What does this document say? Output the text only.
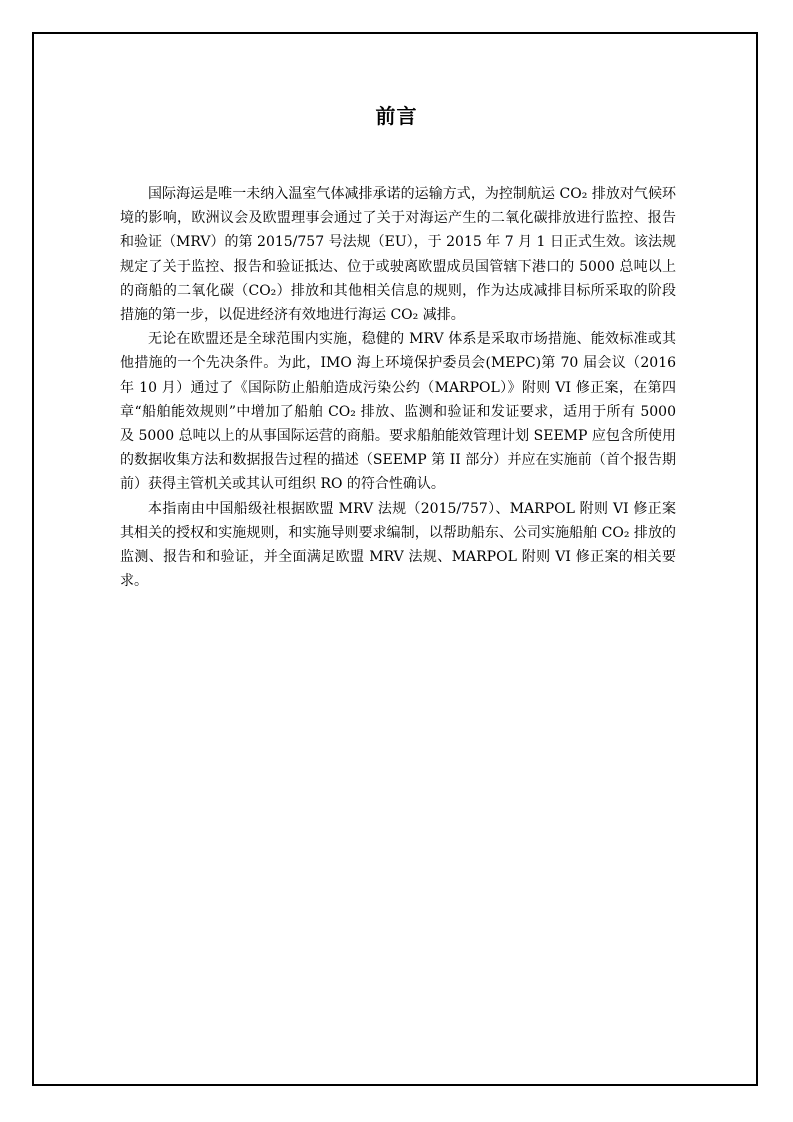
前言

国际海运是唯一未纳入温室气体减排承诺的运输方式，为控制航运 CO₂ 排放对气候环境的影响，欧洲议会及欧盟理事会通过了关于对海运产生的二氧化碳排放进行监控、报告和验证（MRV）的第 2015/757 号法规（EU），于 2015 年 7 月 1 日正式生效。该法规规定了关于监控、报告和验证抵达、位于或驶离欧盟成员国管辖下港口的 5000 总吨以上的商船的二氧化碳（CO₂）排放和其他相关信息的规则，作为达成减排目标所采取的阶段措施的第一步，以促进经济有效地进行海运 CO₂ 减排。

无论在欧盟还是全球范围内实施，稳健的 MRV 体系是采取市场措施、能效标准或其他措施的一个先决条件。为此，IMO 海上环境保护委员会(MEPC)第 70 届会议（2016 年 10 月）通过了《国际防止船舶造成污染公约（MARPOL）》附则 VI 修正案，在第四章“船舶能效规则”中增加了船舶 CO₂ 排放、监测和验证和发证要求，适用于所有 5000 及 5000 总吨以上的从事国际运营的商船。要求船舶能效管理计划 SEEMP 应包含所使用的数据收集方法和数据报告过程的描述（SEEMP 第 II 部分）并应在实施前（首个报告期前）获得主管机关或其认可组织 RO 的符合性确认。

本指南由中国船级社根据欧盟 MRV 法规（2015/757）、MARPOL 附则 VI 修正案其相关的授权和实施规则，和实施导则要求编制，以帮助船东、公司实施船舶 CO₂ 排放的监测、报告和和验证，并全面满足欧盟 MRV 法规、MARPOL 附则 VI 修正案的相关要求。
